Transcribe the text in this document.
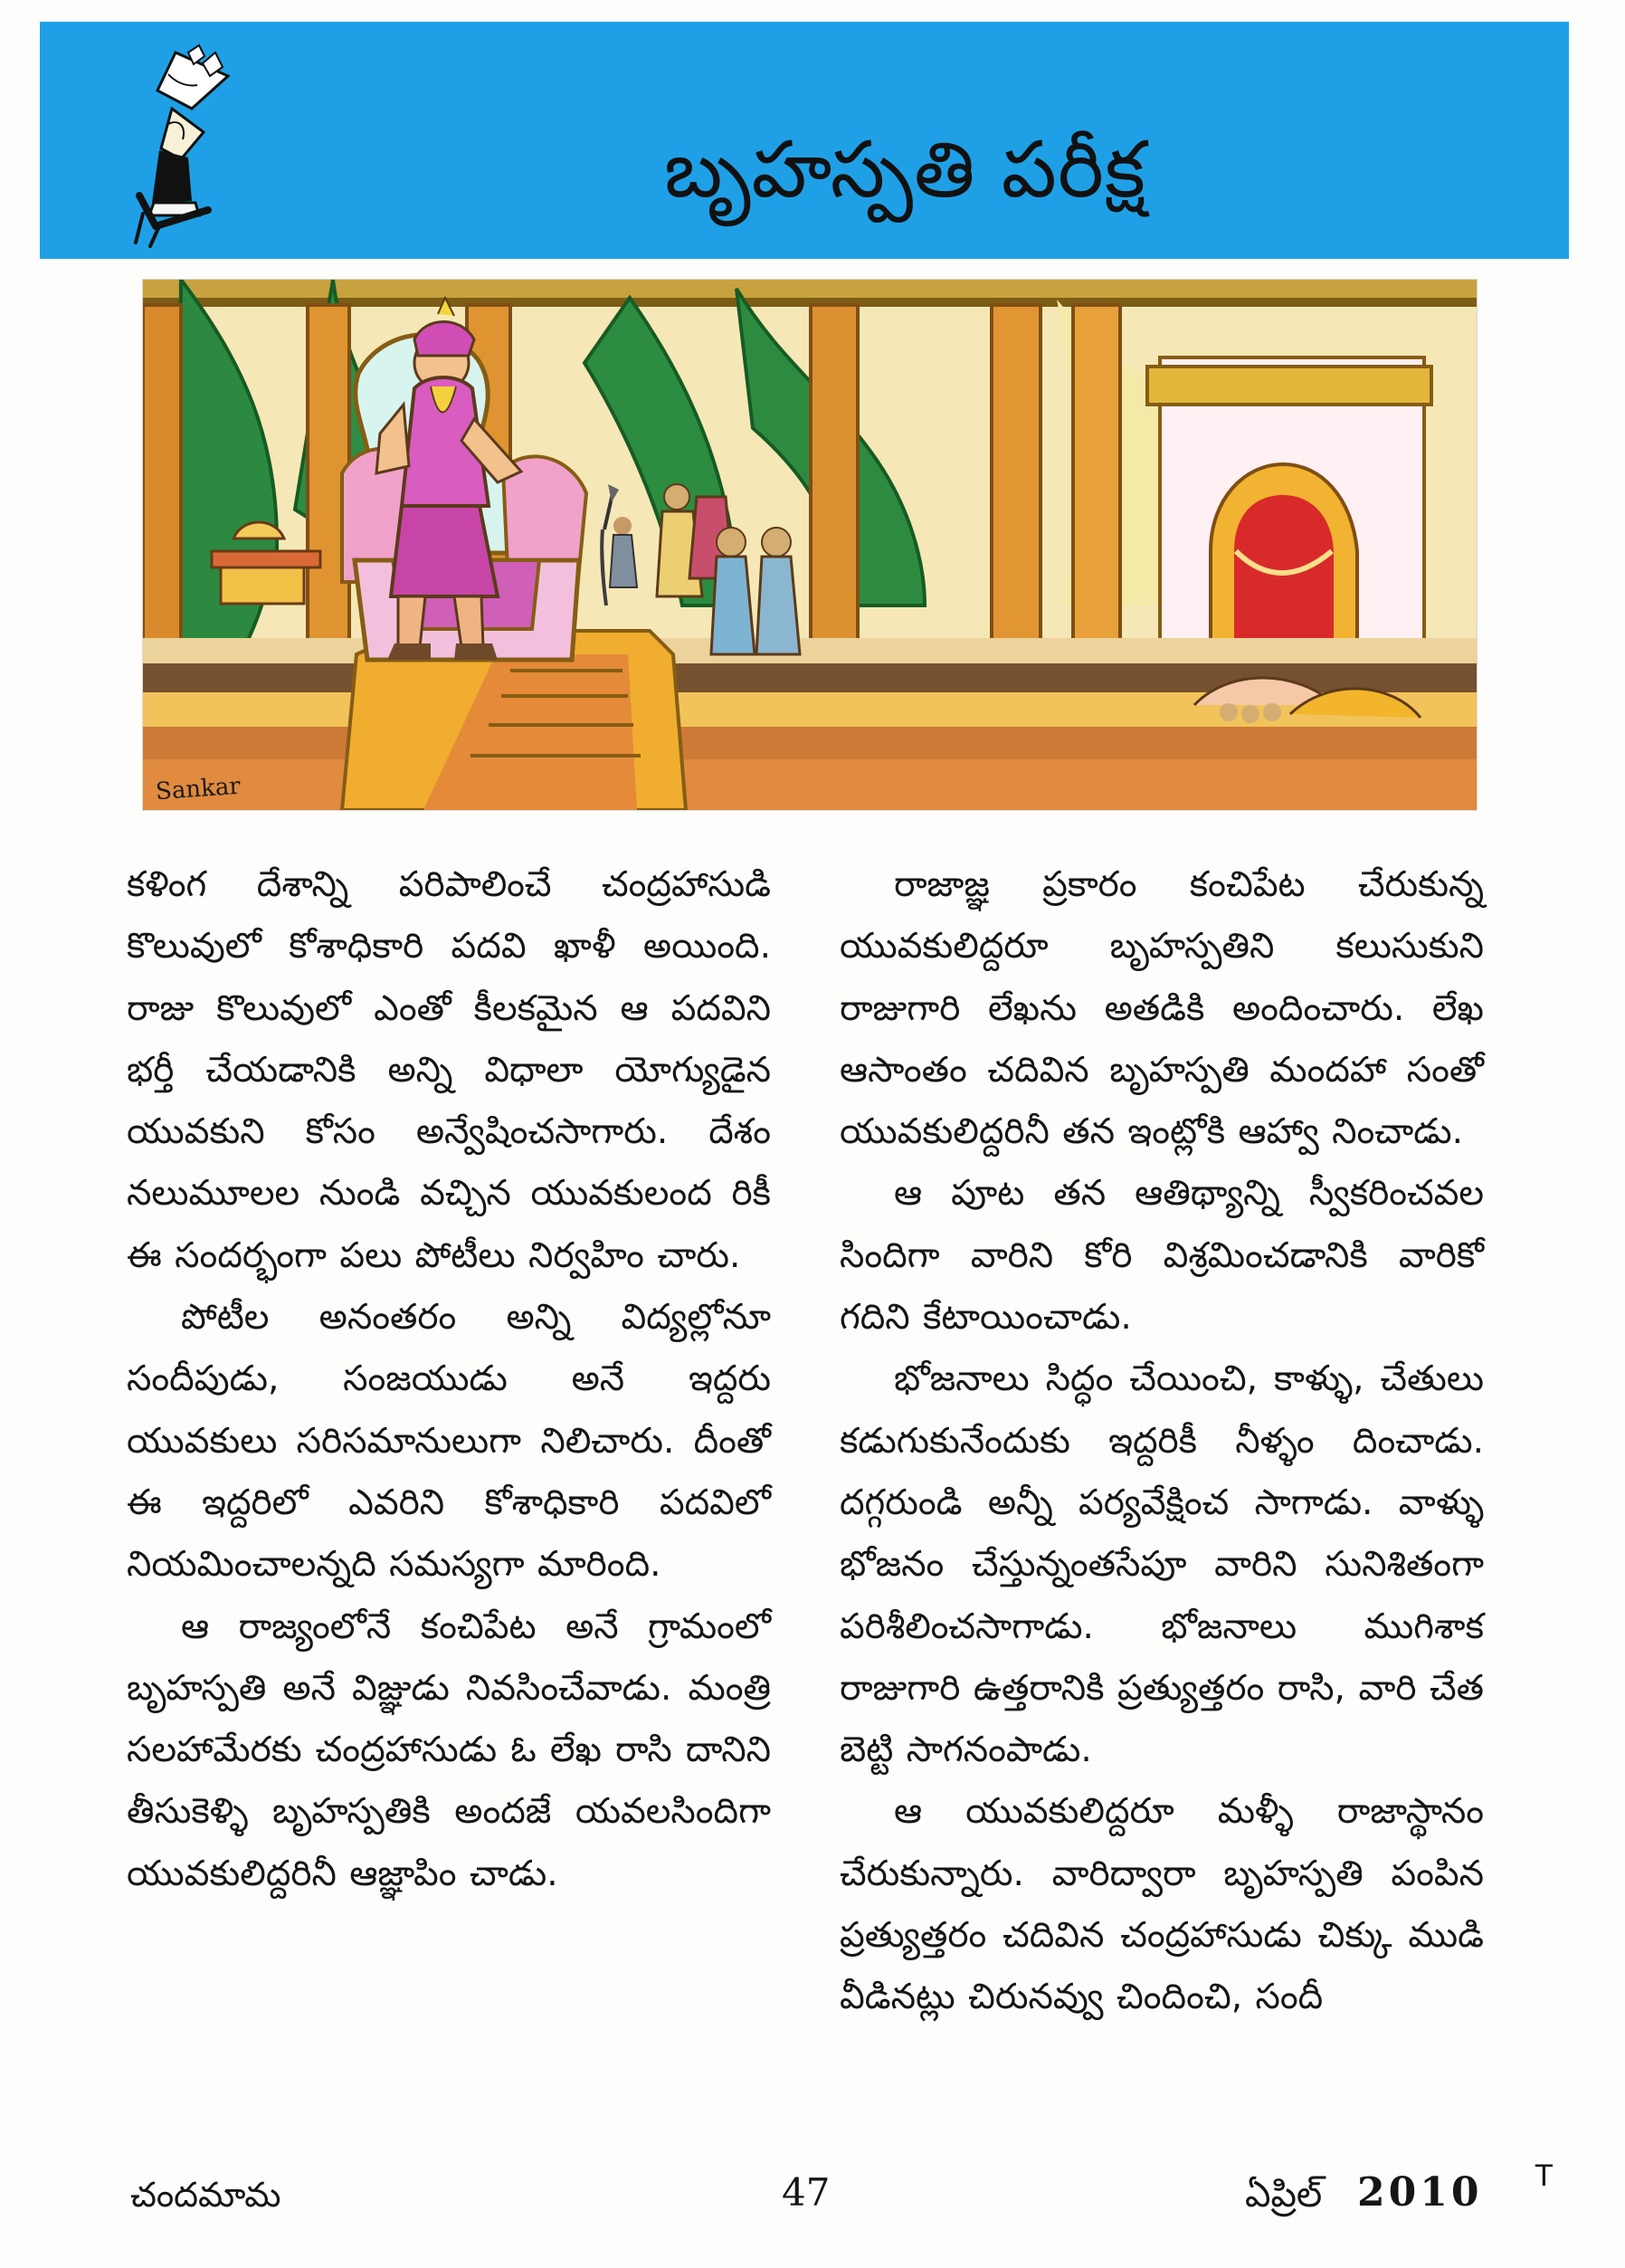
బృహస్పతి పరీక్ష
Sankar

కళింగ దేశాన్ని పరిపాలించే చంద్రహాసుడి కొలువులో కోశాధికారి పదవి ఖాళీ అయింది. రాజు కొలువులో ఎంతో కీలకమైన ఆ పదవిని భర్తీ చేయడానికి అన్ని విధాలా యోగ్యుడైన యువకుని కోసం అన్వేషించసాగారు. దేశం నలుమూలల నుండి వచ్చిన యువకులంద రికీ ఈ సందర్భంగా పలు పోటీలు నిర్వహిం చారు.

పోటీల అనంతరం అన్ని విద్యల్లోనూ సందీపుడు, సంజయుడు అనే ఇద్దరు యువకులు సరిసమానులుగా నిలిచారు. దీంతో ఈ ఇద్దరిలో ఎవరిని కోశాధికారి పదవిలో నియమించాలన్నది సమస్యగా మారింది.

ఆ రాజ్యంలోనే కంచిపేట అనే గ్రామంలో బృహస్పతి అనే విజ్ఞుడు నివసించేవాడు. మంత్రి సలహామేరకు చంద్రహాసుడు ఓ లేఖ రాసి దానిని తీసుకెళ్ళి బృహస్పతికి అందజే యవలసిందిగా యువకులిద్దరినీ ఆజ్ఞాపిం చాడు.

రాజాజ్ఞ ప్రకారం కంచిపేట చేరుకున్న యువకులిద్దరూ బృహస్పతిని కలుసుకుని రాజుగారి లేఖను అతడికి అందించారు. లేఖ ఆసాంతం చదివిన బృహస్పతి మందహా సంతో యువకులిద్దరినీ తన ఇంట్లోకి ఆహ్వా నించాడు.

ఆ పూట తన ఆతిథ్యాన్ని స్వీకరించవల సిందిగా వారిని కోరి విశ్రమించడానికి వారికో గదిని కేటాయించాడు.

భోజనాలు సిద్ధం చేయించి, కాళ్ళు, చేతులు కడుగుకునేందుకు ఇద్దరికీ నీళ్ళం దించాడు. దగ్గరుండి అన్నీ పర్యవేక్షించ సాగాడు. వాళ్ళు భోజనం చేస్తున్నంతసేపూ వారిని సునిశితంగా పరిశీలించసాగాడు. భోజనాలు ముగిశాక రాజుగారి ఉత్తరానికి ప్రత్యుత్తరం రాసి, వారి చేత బెట్టి సాగనంపాడు.

ఆ యువకులిద్దరూ మళ్ళీ రాజాస్థానం చేరుకున్నారు. వారిద్వారా బృహస్పతి పంపిన ప్రత్యుత్తరం చదివిన చంద్రహాసుడు చిక్కు ముడి వీడినట్లు చిరునవ్వు చిందించి, సందీ

చందమామ	47	ఏప్రిల్ 2010 T
